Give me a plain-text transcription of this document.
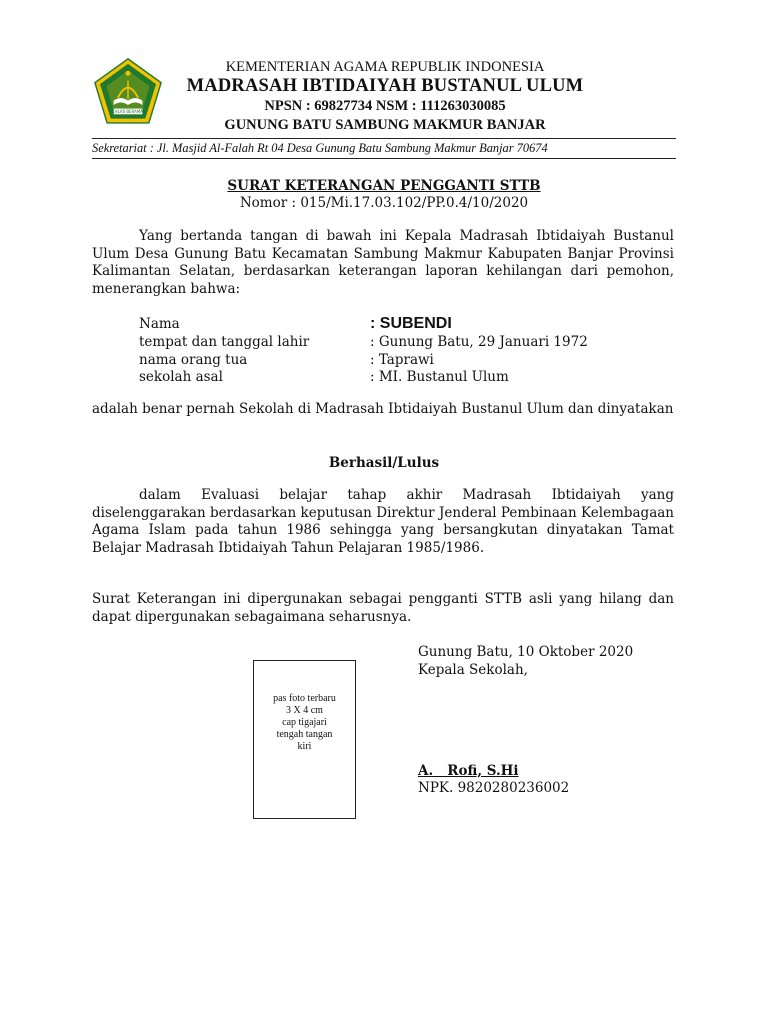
IKHLAS BERAMAL
KEMENTERIAN AGAMA REPUBLIK INDONESIA
MADRASAH IBTIDAIYAH BUSTANUL ULUM
NPSN : 69827734 NSM : 111263030085
GUNUNG BATU SAMBUNG MAKMUR BANJAR
Sekretariat : Jl. Masjid Al-Falah Rt 04 Desa Gunung Batu Sambung Makmur Banjar 70674
SURAT KETERANGAN PENGGANTI STTB
Nomor : 015/Mi.17.03.102/PP.0.4/10/2020
Yang bertanda tangan di bawah ini Kepala Madrasah Ibtidaiyah Bustanul Ulum Desa Gunung Batu Kecamatan Sambung Makmur Kabupaten Banjar Provinsi Kalimantan Selatan, berdasarkan keterangan laporan kehilangan dari pemohon, menerangkan bahwa:
Nama	: SUBENDI
tempat dan tanggal lahir	: Gunung Batu, 29 Januari 1972
nama orang tua	: Taprawi
sekolah asal	: MI. Bustanul Ulum
adalah benar pernah Sekolah di Madrasah Ibtidaiyah Bustanul Ulum dan dinyatakan
Berhasil/Lulus
dalam Evaluasi belajar tahap akhir Madrasah Ibtidaiyah yang diselenggarakan berdasarkan keputusan Direktur Jenderal Pembinaan Kelembagaan Agama Islam pada tahun 1986 sehingga yang bersangkutan dinyatakan Tamat Belajar Madrasah Ibtidaiyah Tahun Pelajaran 1985/1986.
Surat Keterangan ini dipergunakan sebagai pengganti STTB asli yang hilang dan dapat dipergunakan sebagaimana seharusnya.
pas foto terbaru
3 X 4 cm
cap tigajari
tengah tangan
kiri
Gunung Batu, 10 Oktober 2020
Kepala Sekolah,
A.   Rofi, S.Hi
NPK. 9820280236002
